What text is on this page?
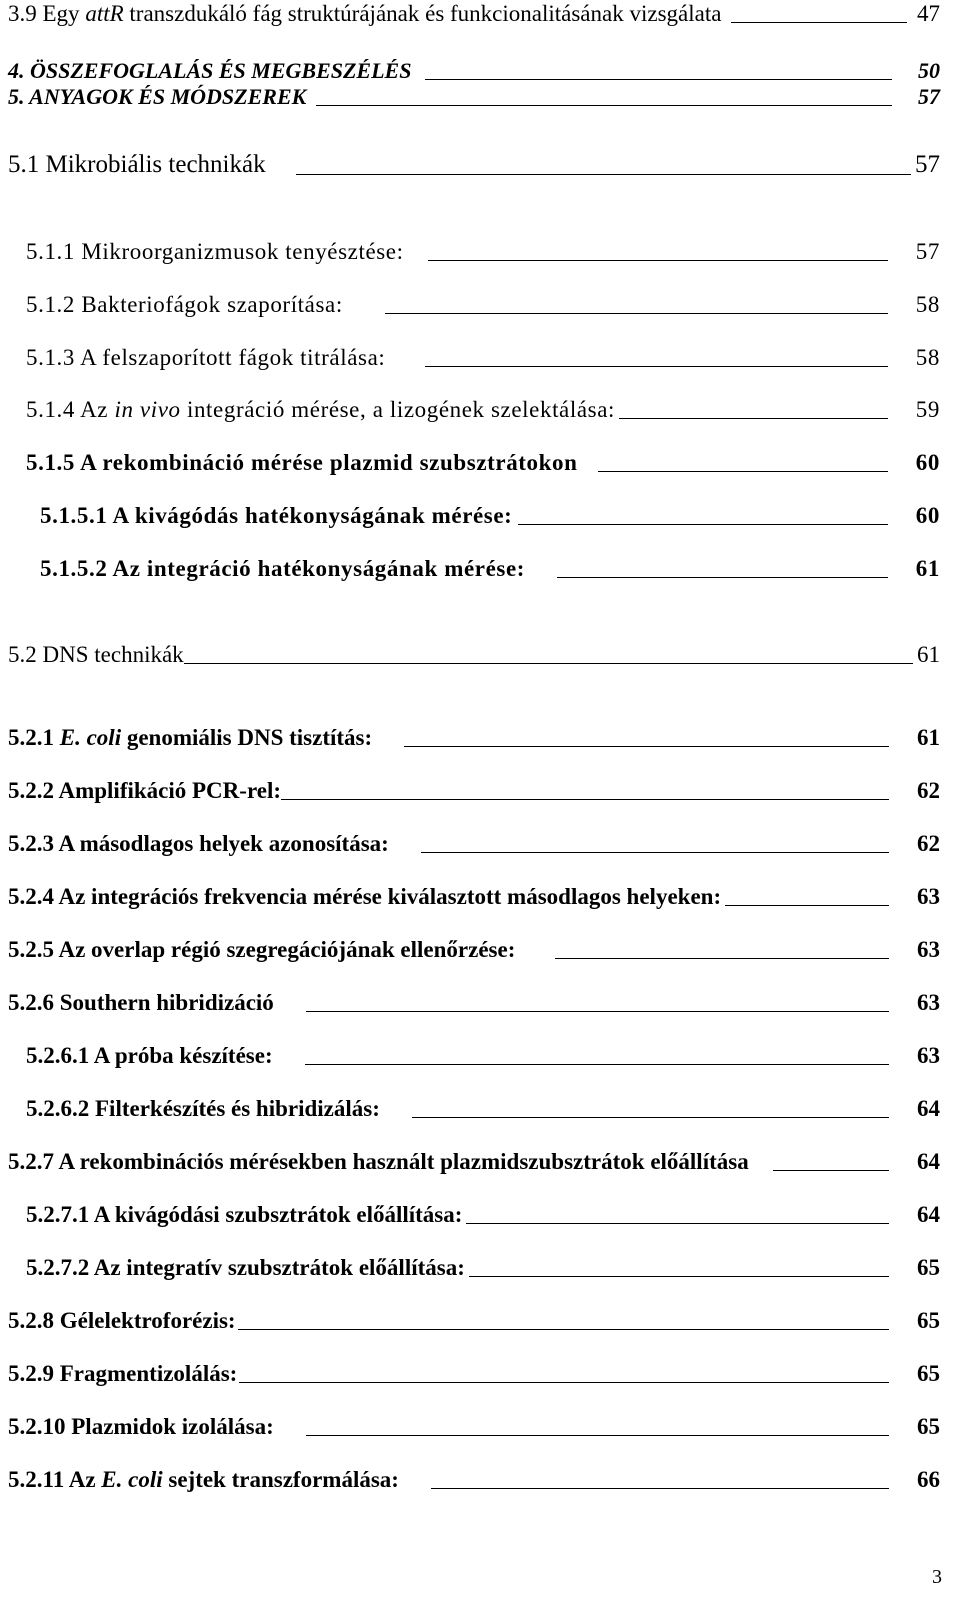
3.9 Egy attR transzdukáló fág struktúrájának és funkcionalitásának vizsgálata	47
4. ÖSSZEFOGLALÁS ÉS MEGBESZÉLÉS	50
5. ANYAGOK ÉS MÓDSZEREK	57
5.1 Mikrobiális technikák	57
5.1.1 Mikroorganizmusok tenyésztése:	57
5.1.2 Bakteriofágok szaporítása:	58
5.1.3 A felszaporított fágok titrálása:	58
5.1.4 Az in vivo integráció mérése, a lizogének szelektálása:	59
5.1.5 A rekombináció mérése plazmid szubsztrátokon	60
5.1.5.1 A kivágódás hatékonyságának mérése:	60
5.1.5.2 Az integráció hatékonyságának mérése:	61
5.2 DNS technikák	61
5.2.1 E. coli genomiális DNS tisztítás:	61
5.2.2 Amplifikáció PCR-rel:	62
5.2.3 A másodlagos helyek azonosítása:	62
5.2.4 Az integrációs frekvencia mérése kiválasztott másodlagos helyeken:	63
5.2.5 Az overlap régió szegregációjának ellenőrzése:	63
5.2.6 Southern hibridizáció	63
5.2.6.1 A próba készítése:	63
5.2.6.2 Filterkészítés és hibridizálás:	64
5.2.7 A rekombinációs mérésekben használt plazmidszubsztrátok előállítása	64
5.2.7.1 A kivágódási szubsztrátok előállítása:	64
5.2.7.2 Az integratív szubsztrátok előállítása:	65
5.2.8 Gélelektroforézis:	65
5.2.9 Fragmentizolálás:	65
5.2.10 Plazmidok izolálása:	65
5.2.11 Az E. coli sejtek transzformálása:	66
3
